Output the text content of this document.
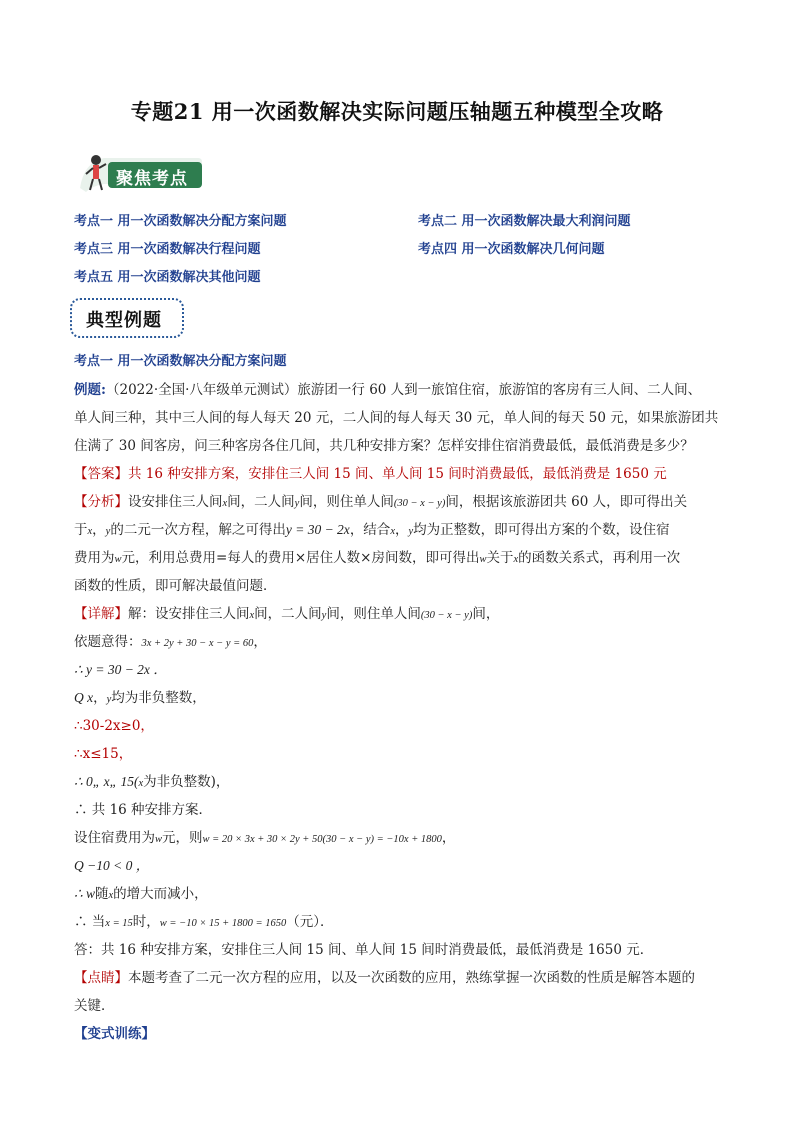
专题21 用一次函数解决实际问题压轴题五种模型全攻略
聚焦考点
考点一 用一次函数解决分配方案问题	考点二 用一次函数解决最大利润问题
考点三 用一次函数解决行程问题	考点四 用一次函数解决几何问题
考点五 用一次函数解决其他问题
典型例题
考点一 用一次函数解决分配方案问题
例题:（2022·全国·八年级单元测试）旅游团一行 60 人到一旅馆住宿，旅游馆的客房有三人间、二人间、
单人间三种，其中三人间的每人每天 20 元，二人间的每人每天 30 元，单人间的每天 50 元，如果旅游团共
住满了 30 间客房，问三种客房各住几间，共几种安排方案？怎样安排住宿消费最低，最低消费是多少？
【答案】共 16 种安排方案，安排住三人间 15 间、单人间 15 间时消费最低，最低消费是 1650 元
【分析】设安排住三人间x间，二人间y间，则住单人间(30 − x − y)间，根据该旅游团共 60 人，即可得出关
于x，y的二元一次方程，解之可得出y = 30 − 2x，结合x，y均为正整数，即可得出方案的个数，设住宿
费用为w元，利用总费用=每人的费用×居住人数×房间数，即可得出w关于x的函数关系式，再利用一次
函数的性质，即可解决最值问题．
【详解】解：设安排住三人间x间，二人间y间，则住单人间(30 − x − y)间，
依题意得：3x + 2y + 30 − x − y = 60，
∴ y = 30 − 2x ．
Q x，y均为非负整数，
∴30-2x≥0，
∴x≤15，
∴ 0„ x„ 15(x为非负整数)，
∴ 共 16 种安排方案．
设住宿费用为w元，则w = 20 × 3x + 30 × 2y + 50(30 − x − y) = −10x + 1800，
Q −10 < 0 ，
∴ w随x的增大而减小，
∴ 当x = 15时，w = −10 × 15 + 1800 = 1650（元）．
答：共 16 种安排方案，安排住三人间 15 间、单人间 15 间时消费最低，最低消费是 1650 元．
【点睛】本题考查了二元一次方程的应用，以及一次函数的应用，熟练掌握一次函数的性质是解答本题的
关键．
【变式训练】
